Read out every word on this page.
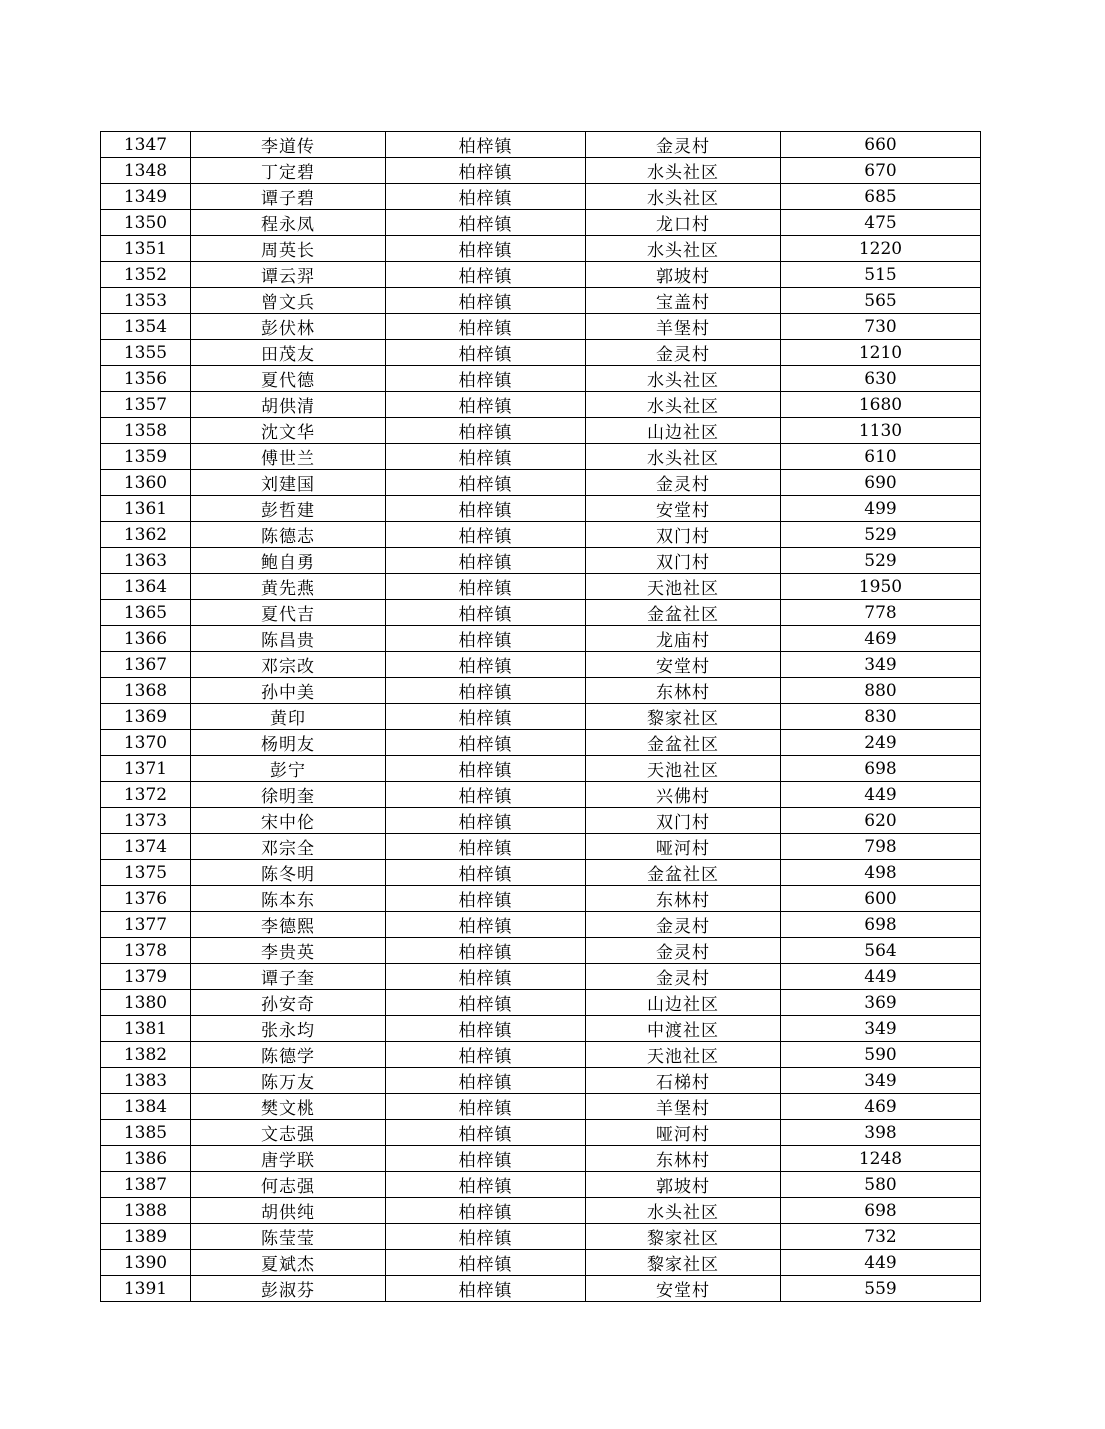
1347	李道传	柏梓镇	金灵村	660
1348	丁定碧	柏梓镇	水头社区	670
1349	谭子碧	柏梓镇	水头社区	685
1350	程永凤	柏梓镇	龙口村	475
1351	周英长	柏梓镇	水头社区	1220
1352	谭云羿	柏梓镇	郭坡村	515
1353	曾文兵	柏梓镇	宝盖村	565
1354	彭伏林	柏梓镇	羊堡村	730
1355	田茂友	柏梓镇	金灵村	1210
1356	夏代德	柏梓镇	水头社区	630
1357	胡供清	柏梓镇	水头社区	1680
1358	沈文华	柏梓镇	山边社区	1130
1359	傅世兰	柏梓镇	水头社区	610
1360	刘建国	柏梓镇	金灵村	690
1361	彭哲建	柏梓镇	安堂村	499
1362	陈德志	柏梓镇	双门村	529
1363	鲍自勇	柏梓镇	双门村	529
1364	黄先燕	柏梓镇	天池社区	1950
1365	夏代吉	柏梓镇	金盆社区	778
1366	陈昌贵	柏梓镇	龙庙村	469
1367	邓宗改	柏梓镇	安堂村	349
1368	孙中美	柏梓镇	东林村	880
1369	黄印	柏梓镇	黎家社区	830
1370	杨明友	柏梓镇	金盆社区	249
1371	彭宁	柏梓镇	天池社区	698
1372	徐明奎	柏梓镇	兴佛村	449
1373	宋中伦	柏梓镇	双门村	620
1374	邓宗全	柏梓镇	哑河村	798
1375	陈冬明	柏梓镇	金盆社区	498
1376	陈本东	柏梓镇	东林村	600
1377	李德熙	柏梓镇	金灵村	698
1378	李贵英	柏梓镇	金灵村	564
1379	谭子奎	柏梓镇	金灵村	449
1380	孙安奇	柏梓镇	山边社区	369
1381	张永均	柏梓镇	中渡社区	349
1382	陈德学	柏梓镇	天池社区	590
1383	陈万友	柏梓镇	石梯村	349
1384	樊文桃	柏梓镇	羊堡村	469
1385	文志强	柏梓镇	哑河村	398
1386	唐学联	柏梓镇	东林村	1248
1387	何志强	柏梓镇	郭坡村	580
1388	胡供纯	柏梓镇	水头社区	698
1389	陈莹莹	柏梓镇	黎家社区	732
1390	夏斌杰	柏梓镇	黎家社区	449
1391	彭淑芬	柏梓镇	安堂村	559
